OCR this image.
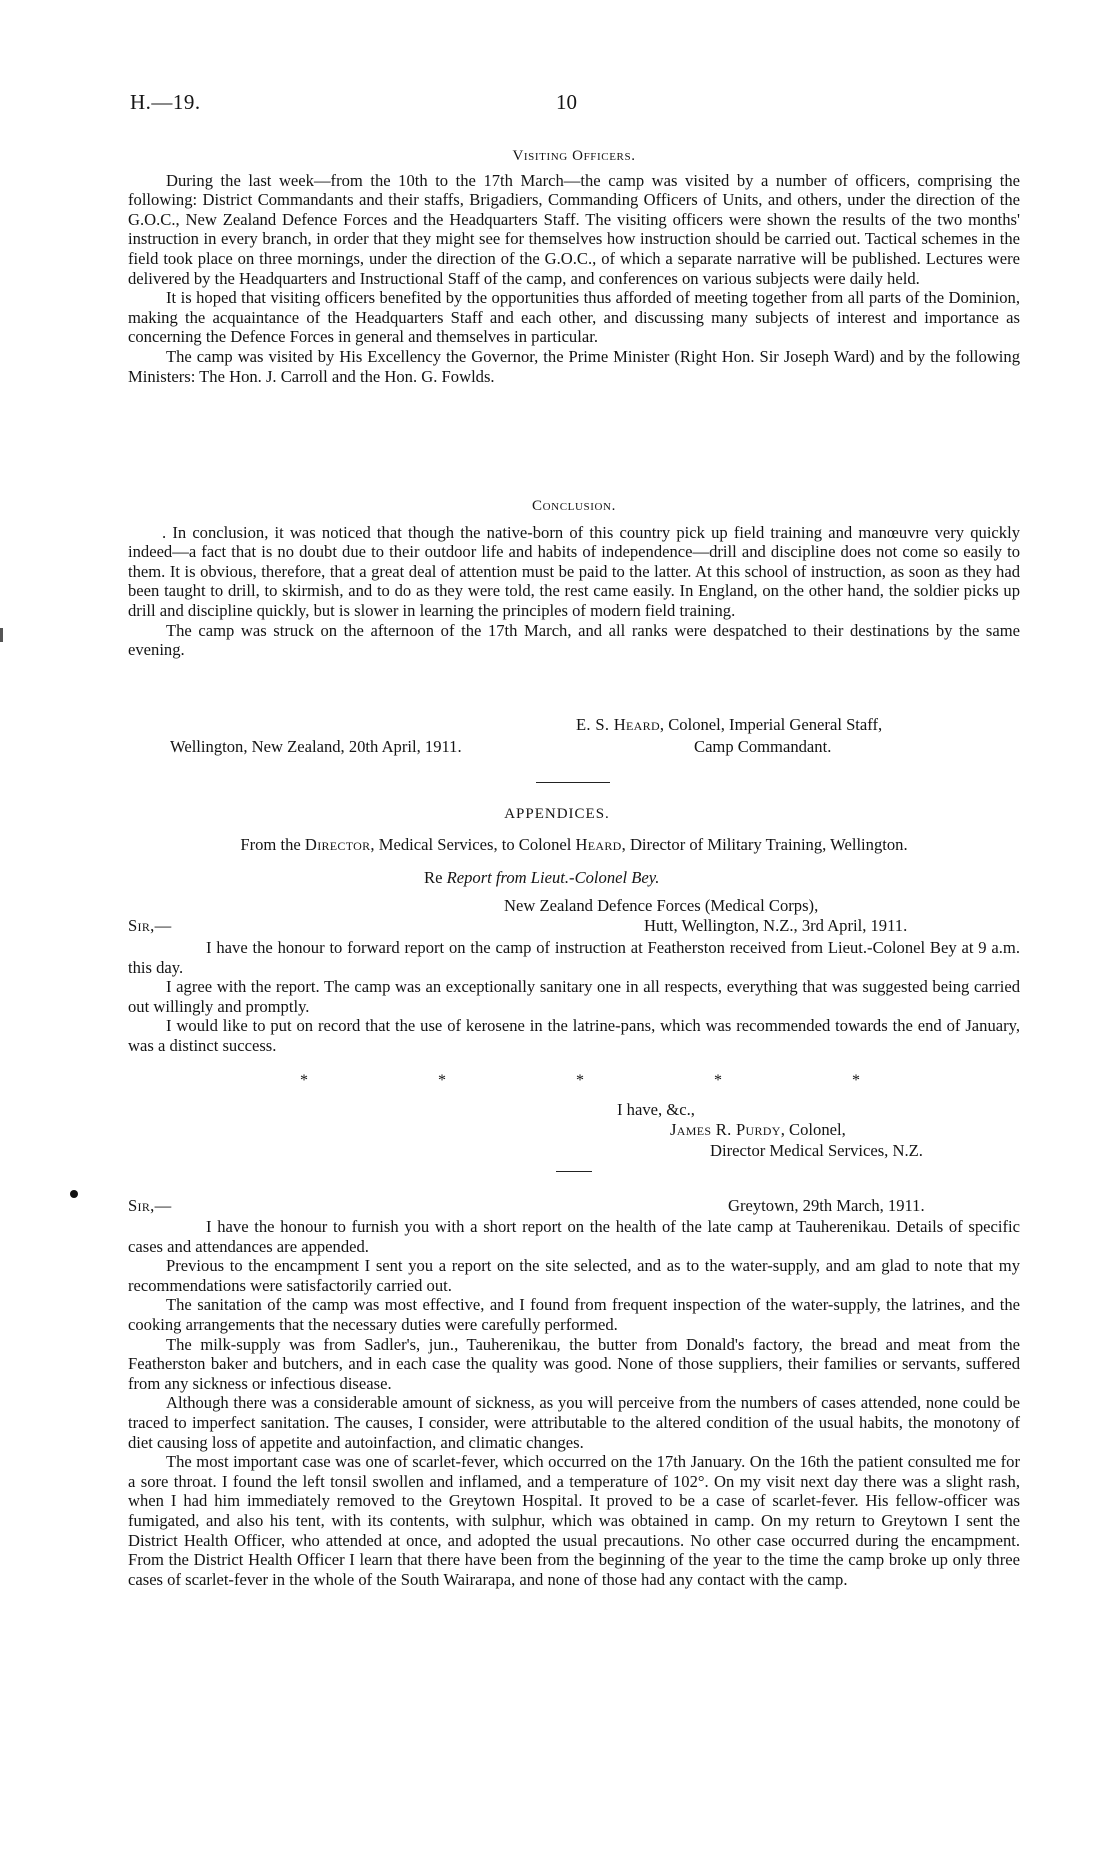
H.—19.	10
Visiting Officers.

During the last week—from the 10th to the 17th March—the camp was visited by a number of officers, comprising the following: District Commandants and their staffs, Brigadiers, Commanding Officers of Units, and others, under the direction of the G.O.C., New Zealand Defence Forces and the Headquarters Staff. The visiting officers were shown the results of the two months' instruction in every branch, in order that they might see for themselves how instruction should be carried out. Tactical schemes in the field took place on three mornings, under the direction of the G.O.C., of which a separate narrative will be published. Lectures were delivered by the Headquarters and Instructional Staff of the camp, and conferences on various subjects were daily held.

It is hoped that visiting officers benefited by the opportunities thus afforded of meeting together from all parts of the Dominion, making the acquaintance of the Headquarters Staff and each other, and discussing many subjects of interest and importance as concerning the Defence Forces in general and themselves in particular.

The camp was visited by His Excellency the Governor, the Prime Minister (Right Hon. Sir Joseph Ward) and by the following Ministers: The Hon. J. Carroll and the Hon. G. Fowlds.

Conclusion.

. In conclusion, it was noticed that though the native-born of this country pick up field training and manœuvre very quickly indeed—a fact that is no doubt due to their outdoor life and habits of independence—drill and discipline does not come so easily to them. It is obvious, therefore, that a great deal of attention must be paid to the latter. At this school of instruction, as soon as they had been taught to drill, to skirmish, and to do as they were told, the rest came easily. In England, on the other hand, the soldier picks up drill and discipline quickly, but is slower in learning the principles of modern field training.

The camp was struck on the afternoon of the 17th March, and all ranks were despatched to their destinations by the same evening.

E. S. Heard, Colonel, Imperial General Staff,
Wellington, New Zealand, 20th April, 1911.	Camp Commandant.
APPENDICES.
From the Director, Medical Services, to Colonel Heard, Director of Military Training, Wellington.
Re Report from Lieut.-Colonel Bey.
New Zealand Defence Forces (Medical Corps),
Sir,—	Hutt, Wellington, N.Z., 3rd April, 1911.

I have the honour to forward report on the camp of instruction at Featherston received from Lieut.-Colonel Bey at 9 a.m. this day.

I agree with the report. The camp was an exceptionally sanitary one in all respects, everything that was suggested being carried out willingly and promptly.

I would like to put on record that the use of kerosene in the latrine-pans, which was recommended towards the end of January, was a distinct success.

*	*	*	*	*
I have, &c.,
James R. Purdy, Colonel,
Director Medical Services, N.Z.
Sir,—	Greytown, 29th March, 1911.

I have the honour to furnish you with a short report on the health of the late camp at Tauherenikau. Details of specific cases and attendances are appended.

Previous to the encampment I sent you a report on the site selected, and as to the water-supply, and am glad to note that my recommendations were satisfactorily carried out.

The sanitation of the camp was most effective, and I found from frequent inspection of the water-supply, the latrines, and the cooking arrangements that the necessary duties were carefully performed.

The milk-supply was from Sadler's, jun., Tauherenikau, the butter from Donald's factory, the bread and meat from the Featherston baker and butchers, and in each case the quality was good. None of those suppliers, their families or servants, suffered from any sickness or infectious disease.

Although there was a considerable amount of sickness, as you will perceive from the numbers of cases attended, none could be traced to imperfect sanitation. The causes, I consider, were attributable to the altered condition of the usual habits, the monotony of diet causing loss of appetite and autoinfaction, and climatic changes.

The most important case was one of scarlet-fever, which occurred on the 17th January. On the 16th the patient consulted me for a sore throat. I found the left tonsil swollen and inflamed, and a temperature of 102°. On my visit next day there was a slight rash, when I had him immediately removed to the Greytown Hospital. It proved to be a case of scarlet-fever. His fellow-officer was fumigated, and also his tent, with its contents, with sulphur, which was obtained in camp. On my return to Greytown I sent the District Health Officer, who attended at once, and adopted the usual precautions. No other case occurred during the encampment. From the District Health Officer I learn that there have been from the beginning of the year to the time the camp broke up only three cases of scarlet-fever in the whole of the South Wairarapa, and none of those had any contact with the camp.
